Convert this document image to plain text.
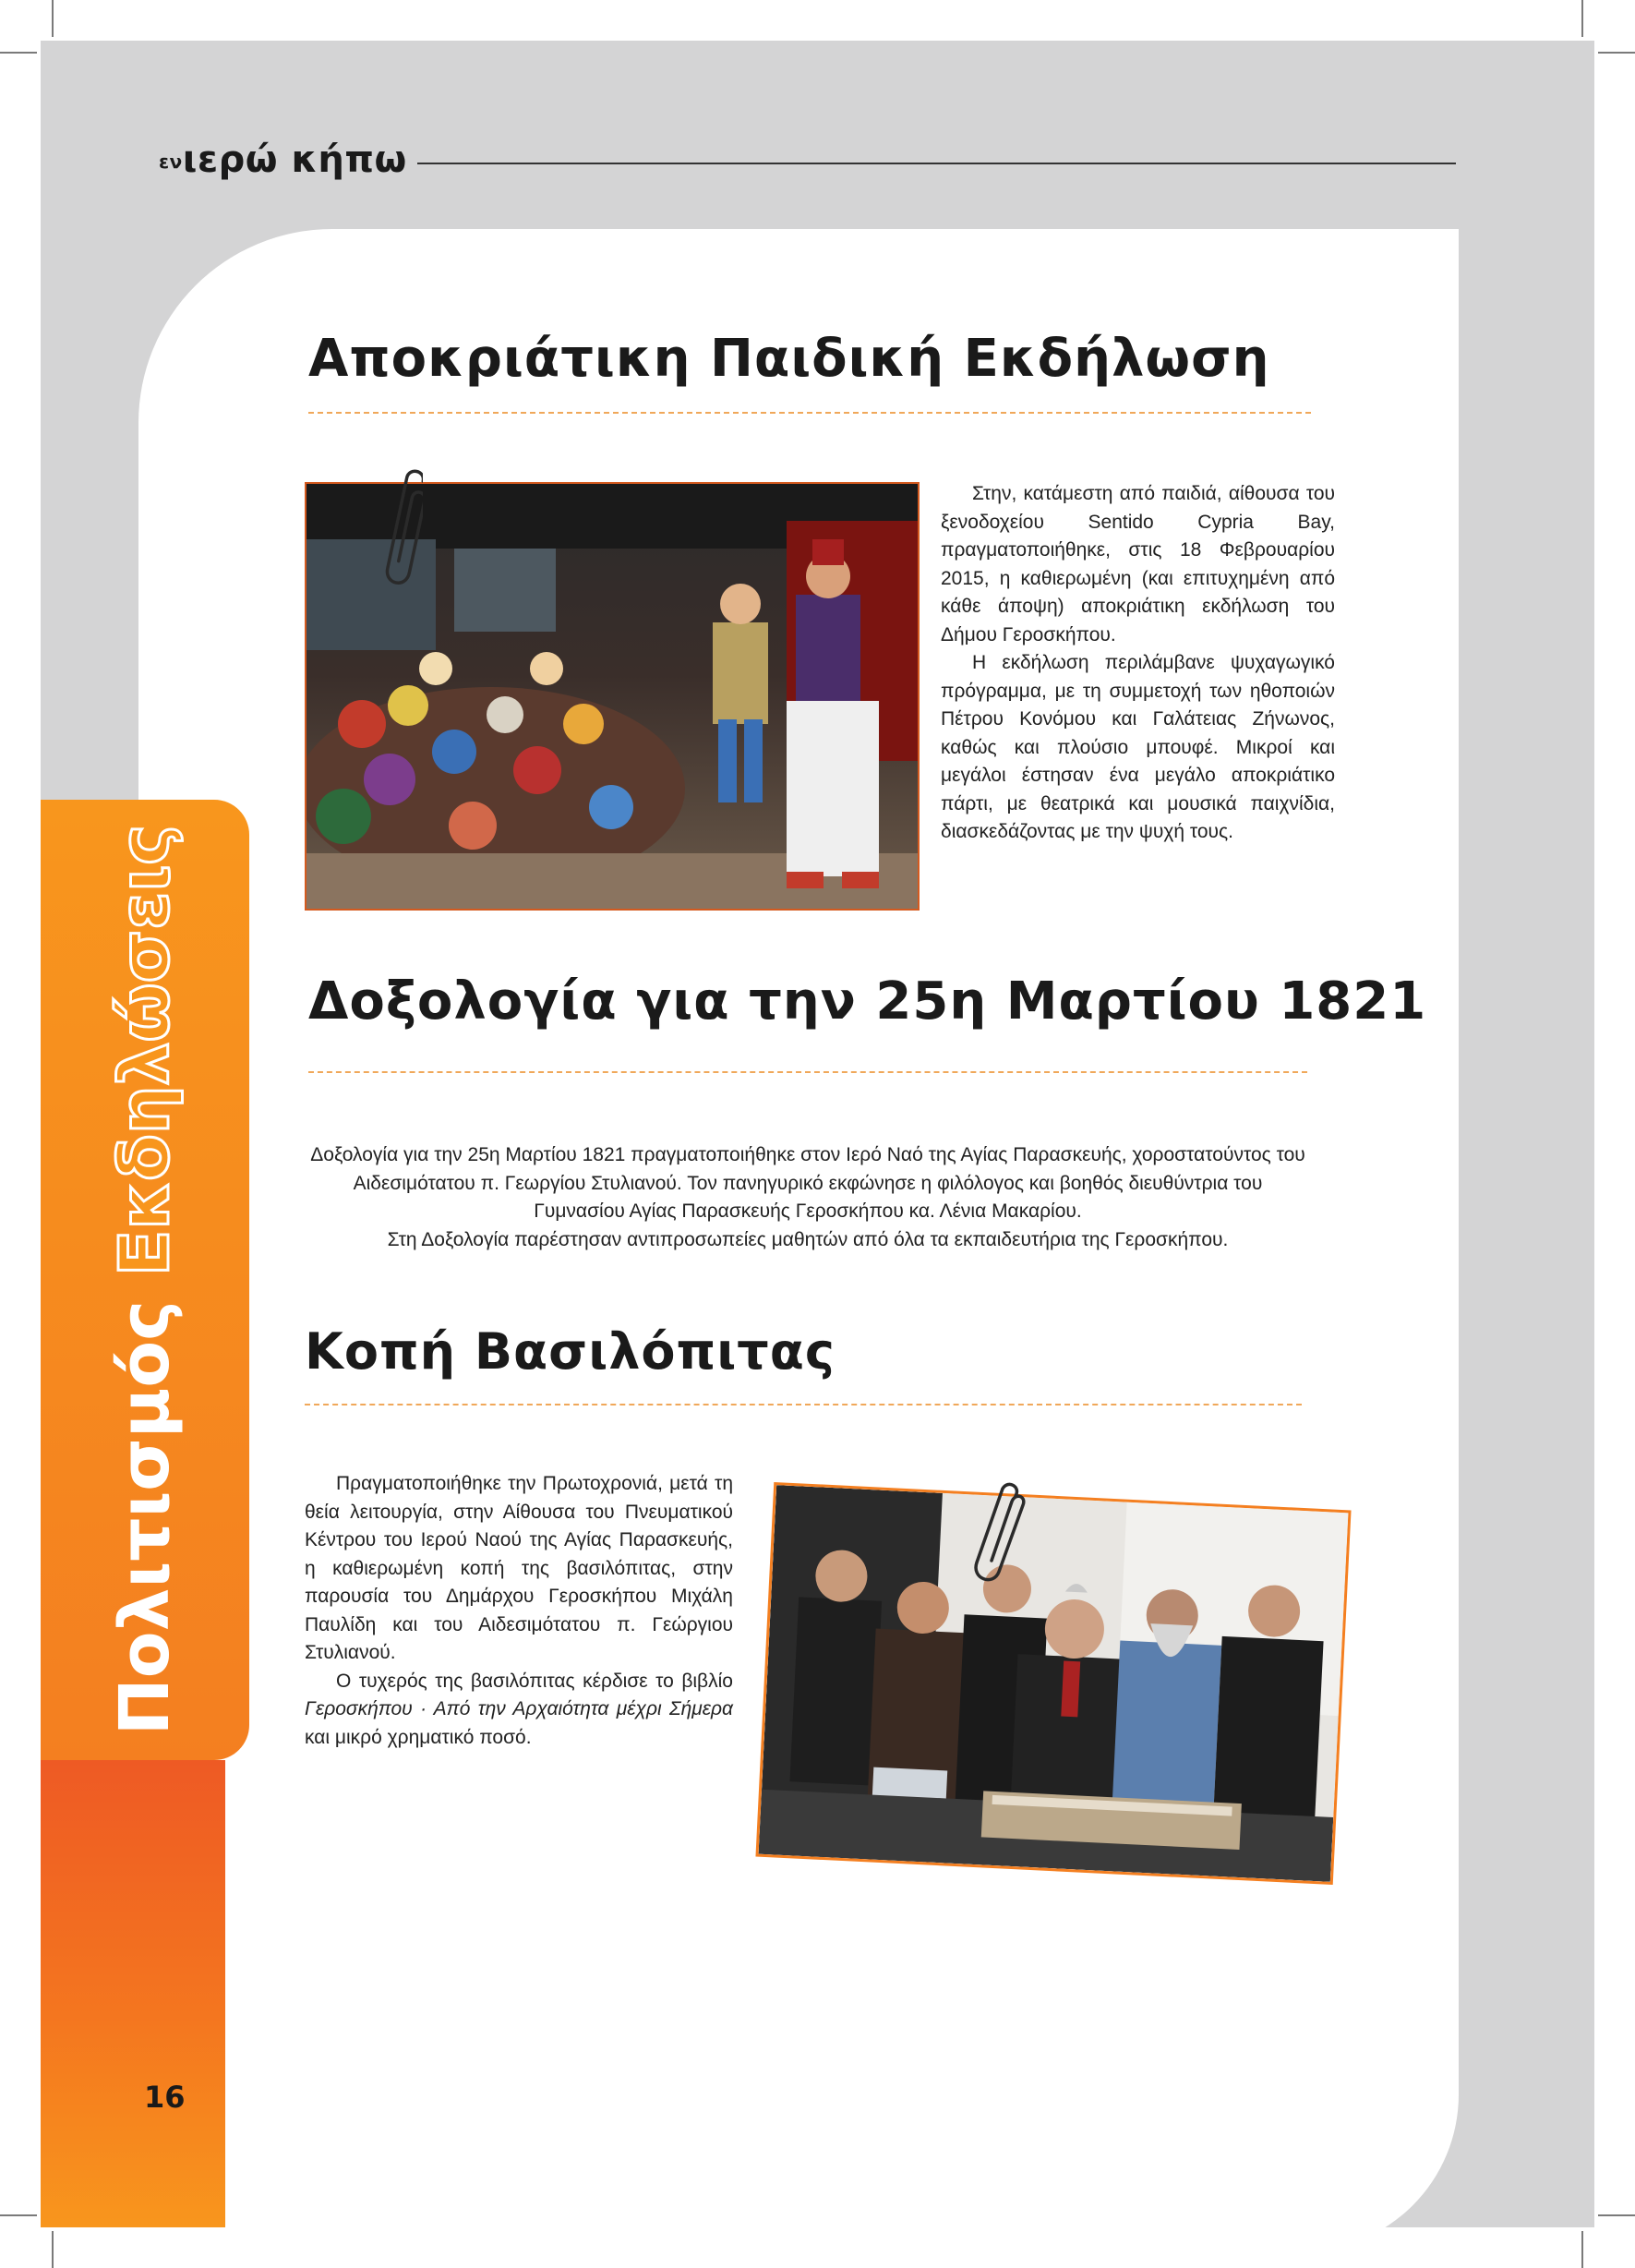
ενιερώ κήπω
Πολιτισμός Εκδηλώσεις
16
Αποκριάτικη Παιδική Εκδήλωση

Στην, κατάμεστη από παιδιά, αίθουσα του ξενοδοχείου Sentido Cypria Bay, πραγματοποιήθηκε, στις 18 Φεβρουαρίου 2015, η καθιερωμένη (και επιτυχημένη από κάθε άποψη) αποκριάτικη εκδήλωση του Δήμου Γεροσκήπου.

Η εκδήλωση περιλάμβανε ψυχαγωγικό πρόγραμμα, με τη συμμετοχή των ηθοποιών Πέτρου Κονόμου και Γαλάτειας Ζήνωνος, καθώς και πλούσιο μπουφέ. Μικροί και μεγάλοι έστησαν ένα μεγάλο αποκριάτικο πάρτι, με θεατρικά και μουσικά παιχνίδια, διασκεδάζοντας με την ψυχή τους.

Δοξολογία για την 25η Μαρτίου 1821

Δοξολογία για την 25η Μαρτίου 1821 πραγματοποιήθηκε στον Ιερό Ναό της Αγίας Παρασκευής, χοροστατούντος του Αιδεσιμότατου π. Γεωργίου Στυλιανού. Τον πανηγυρικό εκφώνησε η φιλόλογος και βοηθός διευθύντρια του Γυμνασίου Αγίας Παρασκευής Γεροσκήπου κα. Λένια Μακαρίου.

Στη Δοξολογία παρέστησαν αντιπροσωπείες μαθητών από όλα τα εκπαιδευτήρια της Γεροσκήπου.

Κοπή Βασιλόπιτας

Πραγματοποιήθηκε την Πρωτοχρονιά, μετά τη θεία λειτουργία, στην Αίθουσα του Πνευματικού Κέντρου του Ιερού Ναού της Αγίας Παρασκευής, η καθιερωμένη κοπή της βασιλόπιτας, στην παρουσία του Δημάρχου Γεροσκήπου Μιχάλη Παυλίδη και του Αιδεσιμότατου π. Γεώργιου Στυλιανού.

Ο τυχερός της βασιλόπιτας κέρδισε το βιβλίο Γεροσκήπου · Από την Αρχαιότητα μέχρι Σήμερα και μικρό χρηματικό ποσό.
